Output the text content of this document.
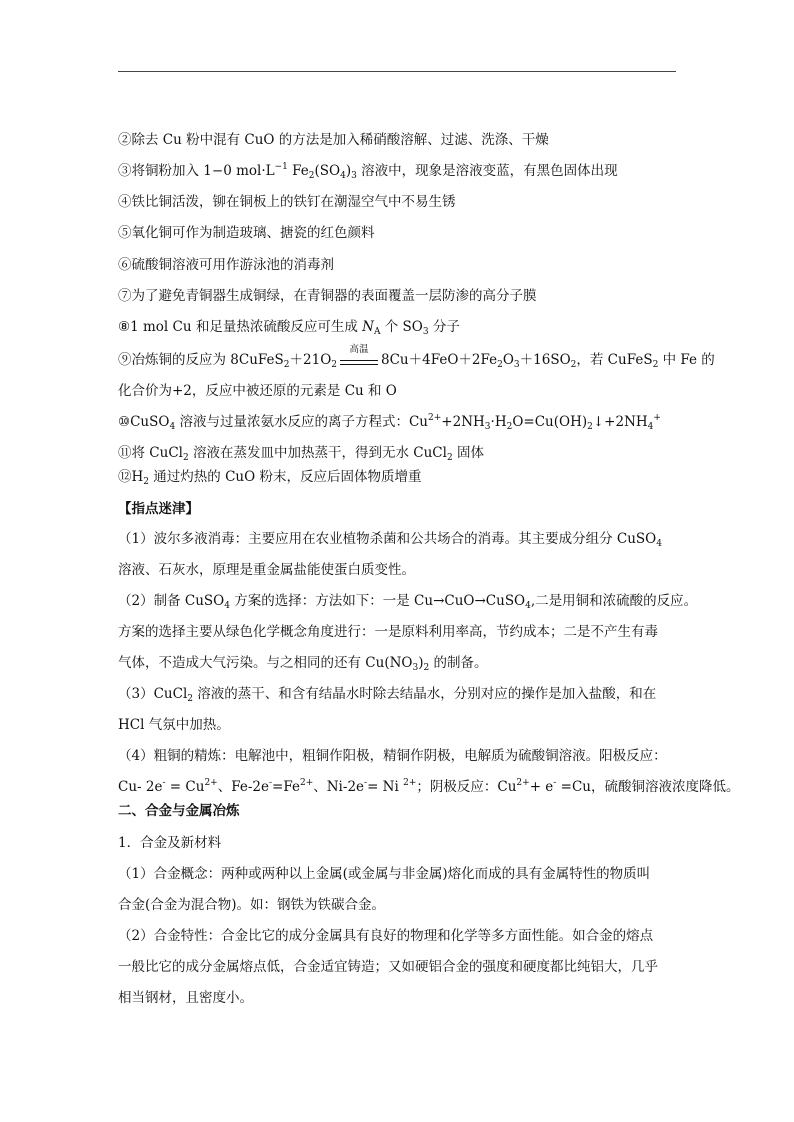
②除去 Cu 粉中混有 CuO 的方法是加入稀硝酸溶解、过滤、洗涤、干燥
③将铜粉加入 1−0 $mol\cdot L^{-1}$ $Fe_2(SO_4)_3$ 溶液中，现象是溶液变蓝，有黑色固体出现
④铁比铜活泼，铆在铜板上的铁钉在潮湿空气中不易生锈
⑤氧化铜可作为制造玻璃、搪瓷的红色颜料
⑥硫酸铜溶液可用作游泳池的消毒剂
⑦为了避免青铜器生成铜绿，在青铜器的表面覆盖一层防渗的高分子膜
⑧1 mol Cu 和足量热浓硫酸反应可生成 $N_A$ 个 $SO_3$ 分子
⑨冶炼铜的反应为 $8CuFeS_2+21O_2$
高温
$8Cu+4FeO+2Fe_2O_3+16SO_2$，若 CuFeS$_2$ 中 Fe 的
化合价为+2，反应中被还原的元素是 Cu 和 O
⑩CuSO$_4$ 溶液与过量浓氨水反应的离子方程式：$Cu^{2+}+2NH_3\cdot H_2O=Cu(OH)_2↓+2NH_4^+$
⑪将 CuCl$_2$ 溶液在蒸发皿中加热蒸干，得到无水 CuCl$_2$ 固体
$⑫H_2$ 通过灼热的 CuO 粉末，反应后固体物质增重
【指点迷津】
（1）波尔多液消毒：主要应用在农业植物杀菌和公共场合的消毒。其主要成分组分 CuSO$_4$
溶液、石灰水，原理是重金属盐能使蛋白质变性。
（2）制备 CuSO$_4$ 方案的选择：方法如下：一是 Cu→CuO→CuSO$_4$,二是用铜和浓硫酸的反应。
方案的选择主要从绿色化学概念角度进行：一是原料利用率高，节约成本；二是不产生有毒
气体，不造成大气污染。与之相同的还有 $Cu(NO_3)_2$ 的制备。
（3）CuCl$_2$ 溶液的蒸干、和含有结晶水时除去结晶水，分别对应的操作是加入盐酸，和在
HCl 气氛中加热。
（4）粗铜的精炼：电解池中，粗铜作阳极，精铜作阴极，电解质为硫酸铜溶液。阳极反应：
Cu- $2e^- = Cu^{2+}$、$Fe-2e^-=Fe^{2+}$、Ni-2e-= Ni $^{2+}$；阴极反应：$Cu^{2+}+ e^- =Cu$，硫酸铜溶液浓度降低。
二、合金与金属冶炼
1．合金及新材料
（1）合金概念：两种或两种以上金属(或金属与非金属)熔化而成的具有金属特性的物质叫
合金(合金为混合物)。如：钢铁为铁碳合金。
（2）合金特性：合金比它的成分金属具有良好的物理和化学等多方面性能。如合金的熔点
一般比它的成分金属熔点低，合金适宜铸造；又如硬铝合金的强度和硬度都比纯铝大，几乎
相当钢材，且密度小。
